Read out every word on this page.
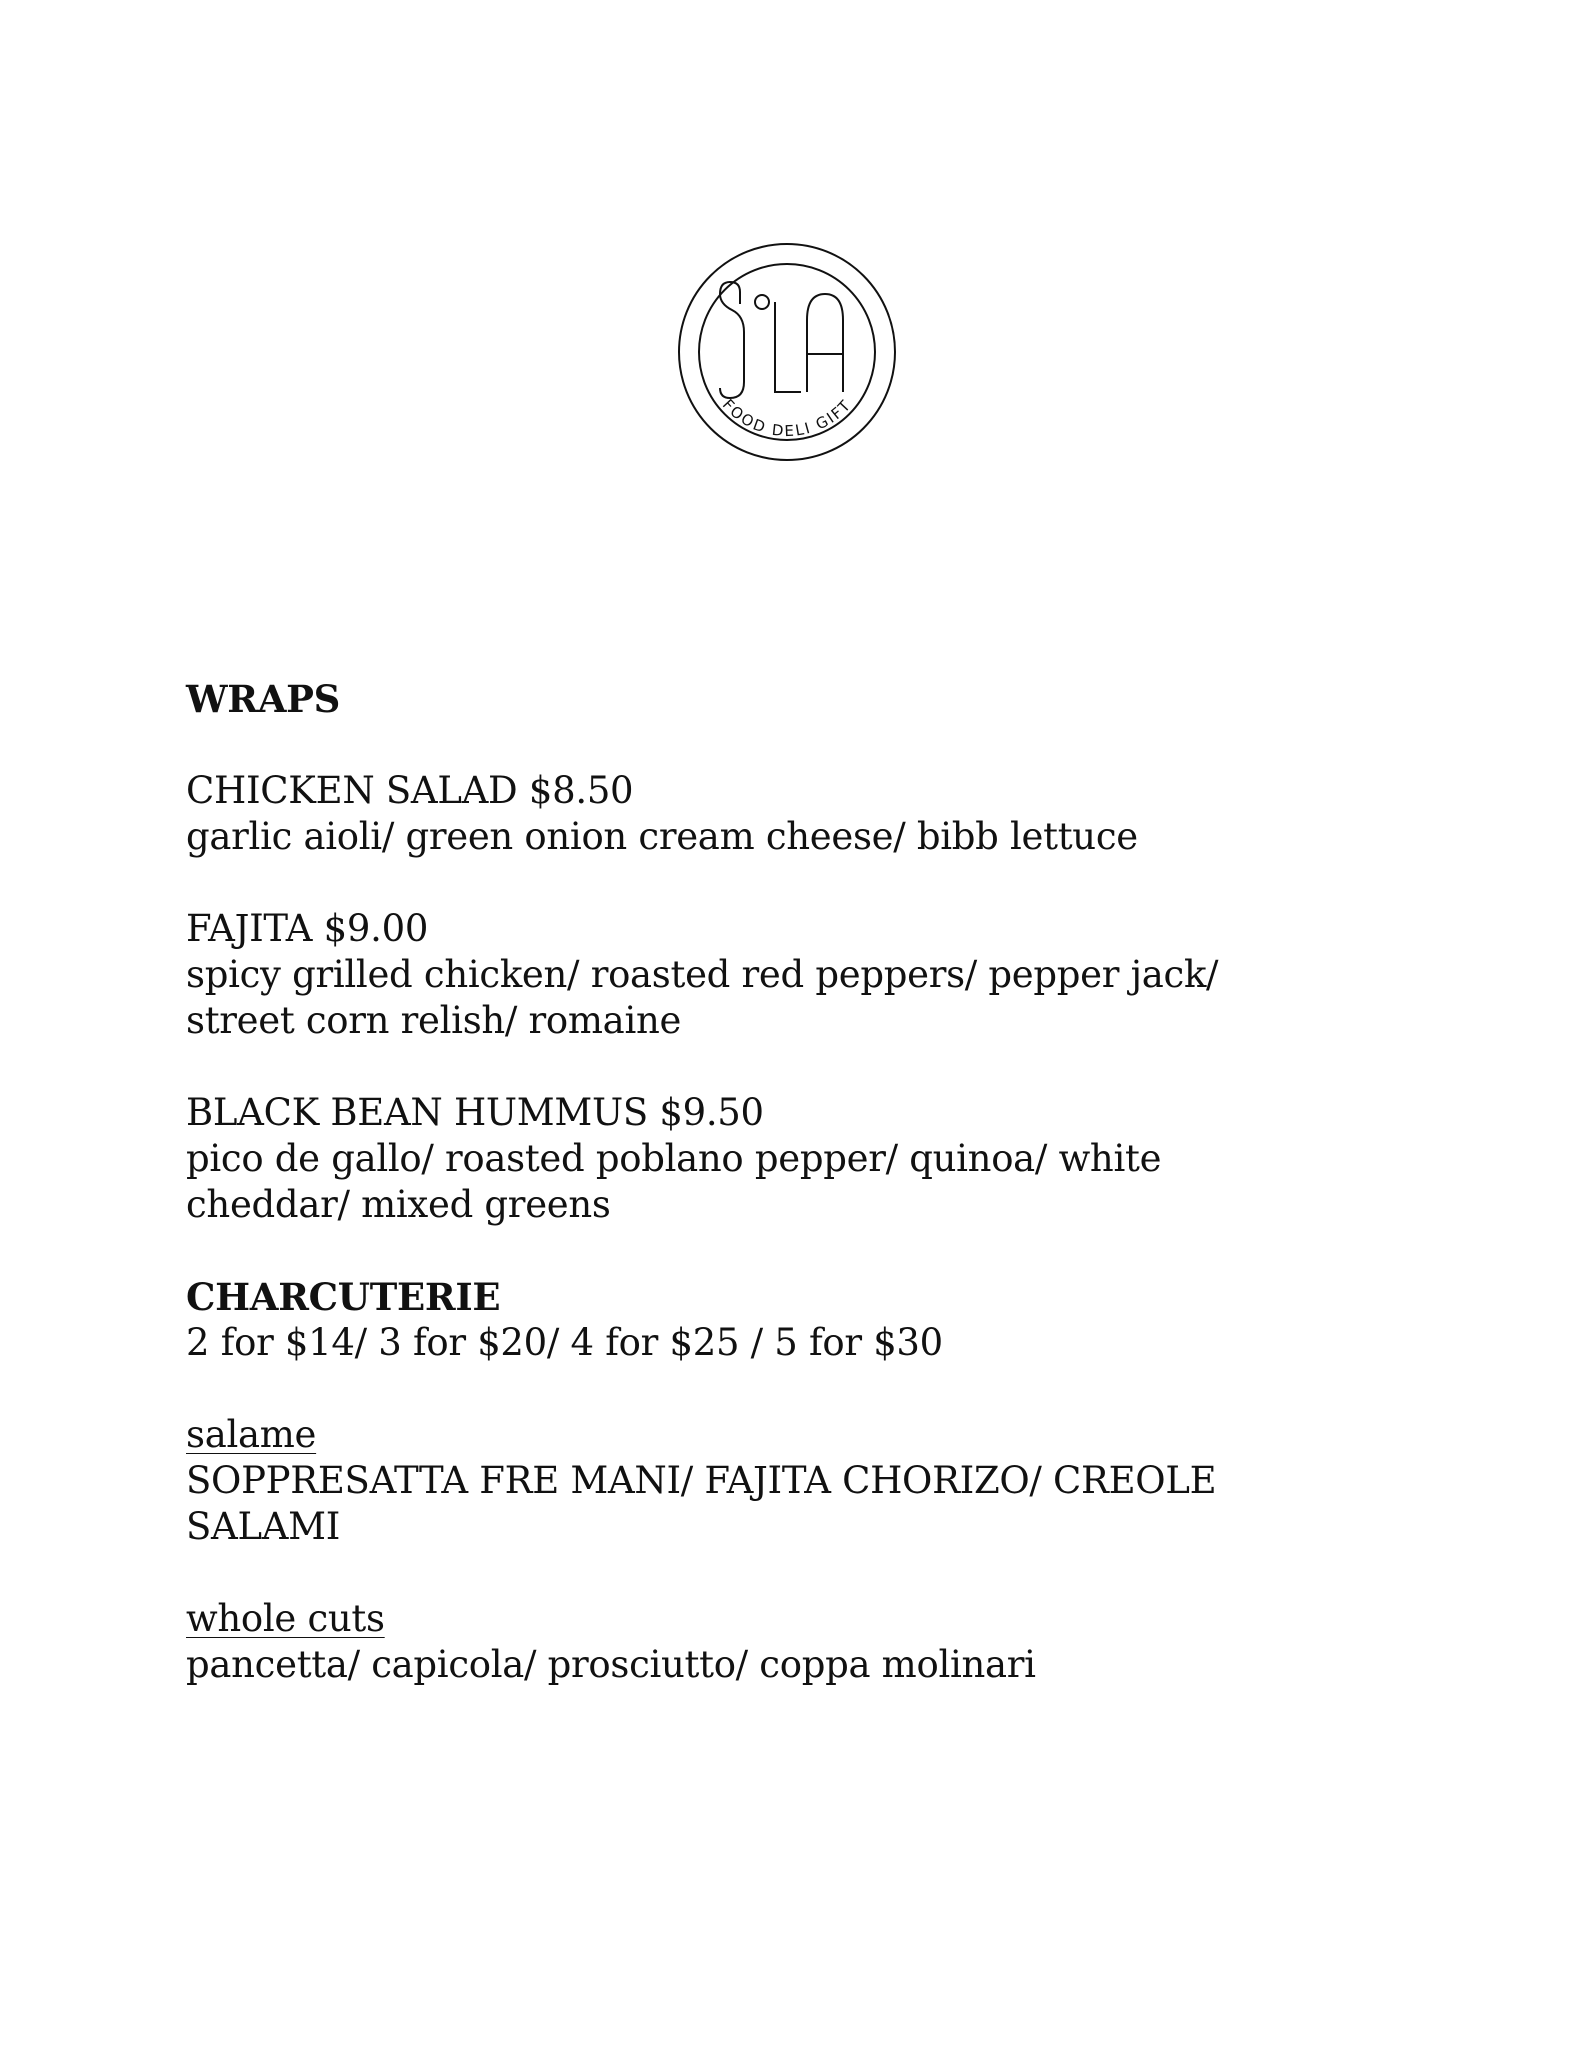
FOOD DELI GIFT

WRAPS

CHICKEN SALAD $8.50

garlic aioli/ green onion cream cheese/ bibb lettuce

FAJITA $9.00

spicy grilled chicken/ roasted red peppers/ pepper jack/

street corn relish/ romaine

BLACK BEAN HUMMUS $9.50

pico de gallo/ roasted poblano pepper/ quinoa/ white

cheddar/ mixed greens

CHARCUTERIE

2 for $14/ 3 for $20/ 4 for $25 / 5 for $30

salame

SOPPRESATTA FRE MANI/ FAJITA CHORIZO/ CREOLE

SALAMI

whole cuts

pancetta/ capicola/ prosciutto/ coppa molinari
